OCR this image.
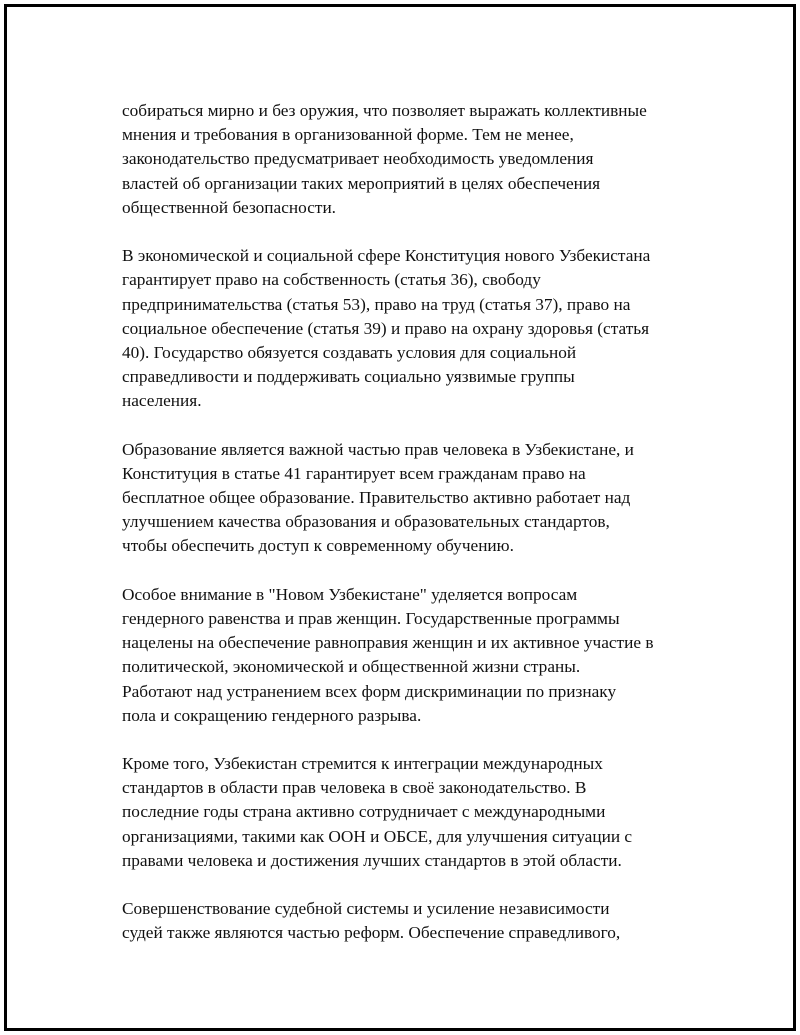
собираться мирно и без оружия, что позволяет выражать коллективные
мнения и требования в организованной форме. Тем не менее,
законодательство предусматривает необходимость уведомления
властей об организации таких мероприятий в целях обеспечения
общественной безопасности.
В экономической и социальной сфере Конституция нового Узбекистана
гарантирует право на собственность (статья 36), свободу
предпринимательства (статья 53), право на труд (статья 37), право на
социальное обеспечение (статья 39) и право на охрану здоровья (статья
40). Государство обязуется создавать условия для социальной
справедливости и поддерживать социально уязвимые группы
населения.
Образование является важной частью прав человека в Узбекистане, и
Конституция в статье 41 гарантирует всем гражданам право на
бесплатное общее образование. Правительство активно работает над
улучшением качества образования и образовательных стандартов,
чтобы обеспечить доступ к современному обучению.
Особое внимание в "Новом Узбекистане" уделяется вопросам
гендерного равенства и прав женщин. Государственные программы
нацелены на обеспечение равноправия женщин и их активное участие в
политической, экономической и общественной жизни страны.
Работают над устранением всех форм дискриминации по признаку
пола и сокращению гендерного разрыва.
Кроме того, Узбекистан стремится к интеграции международных
стандартов в области прав человека в своё законодательство. В
последние годы страна активно сотрудничает с международными
организациями, такими как ООН и ОБСЕ, для улучшения ситуации с
правами человека и достижения лучших стандартов в этой области.
Совершенствование судебной системы и усиление независимости
судей также являются частью реформ. Обеспечение справедливого,
